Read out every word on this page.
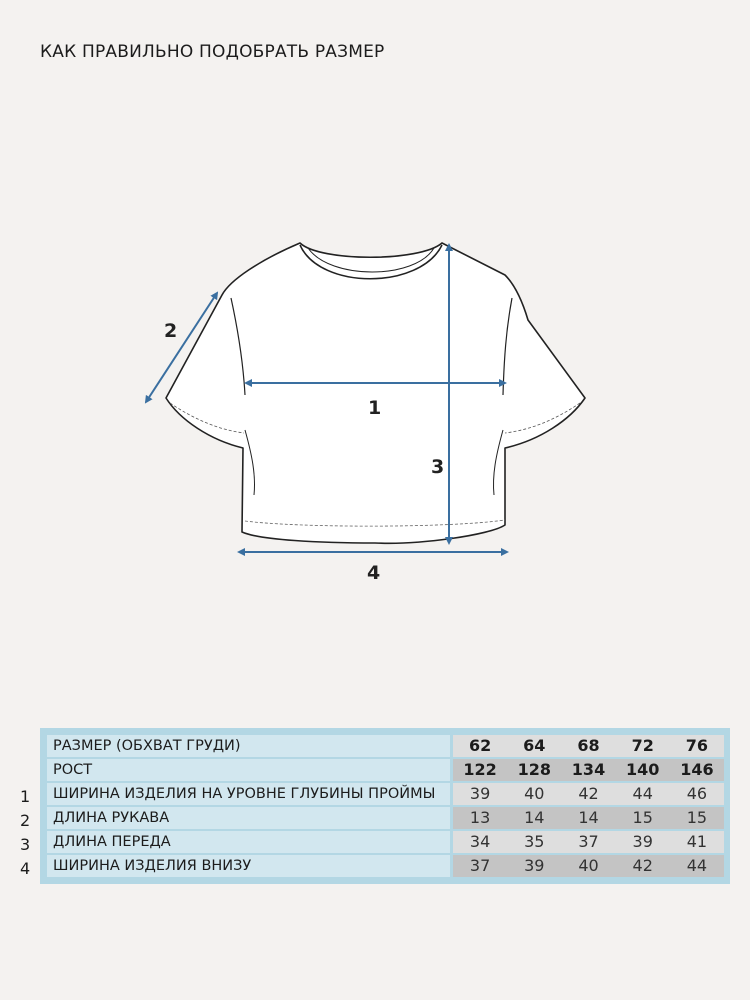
КАК ПРАВИЛЬНО ПОДОБРАТЬ РАЗМЕР
1
2
3
4
1
2
3
4
РАЗМЕР (ОБХВАТ ГРУДИ)	62	64	68	72	76
РОСТ	122	128	134	140	146
ШИРИНА ИЗДЕЛИЯ НА УРОВНЕ ГЛУБИНЫ ПРОЙМЫ	39	40	42	44	46
ДЛИНА РУКАВА	13	14	14	15	15
ДЛИНА ПЕРЕДА	34	35	37	39	41
ШИРИНА ИЗДЕЛИЯ ВНИЗУ	37	39	40	42	44
